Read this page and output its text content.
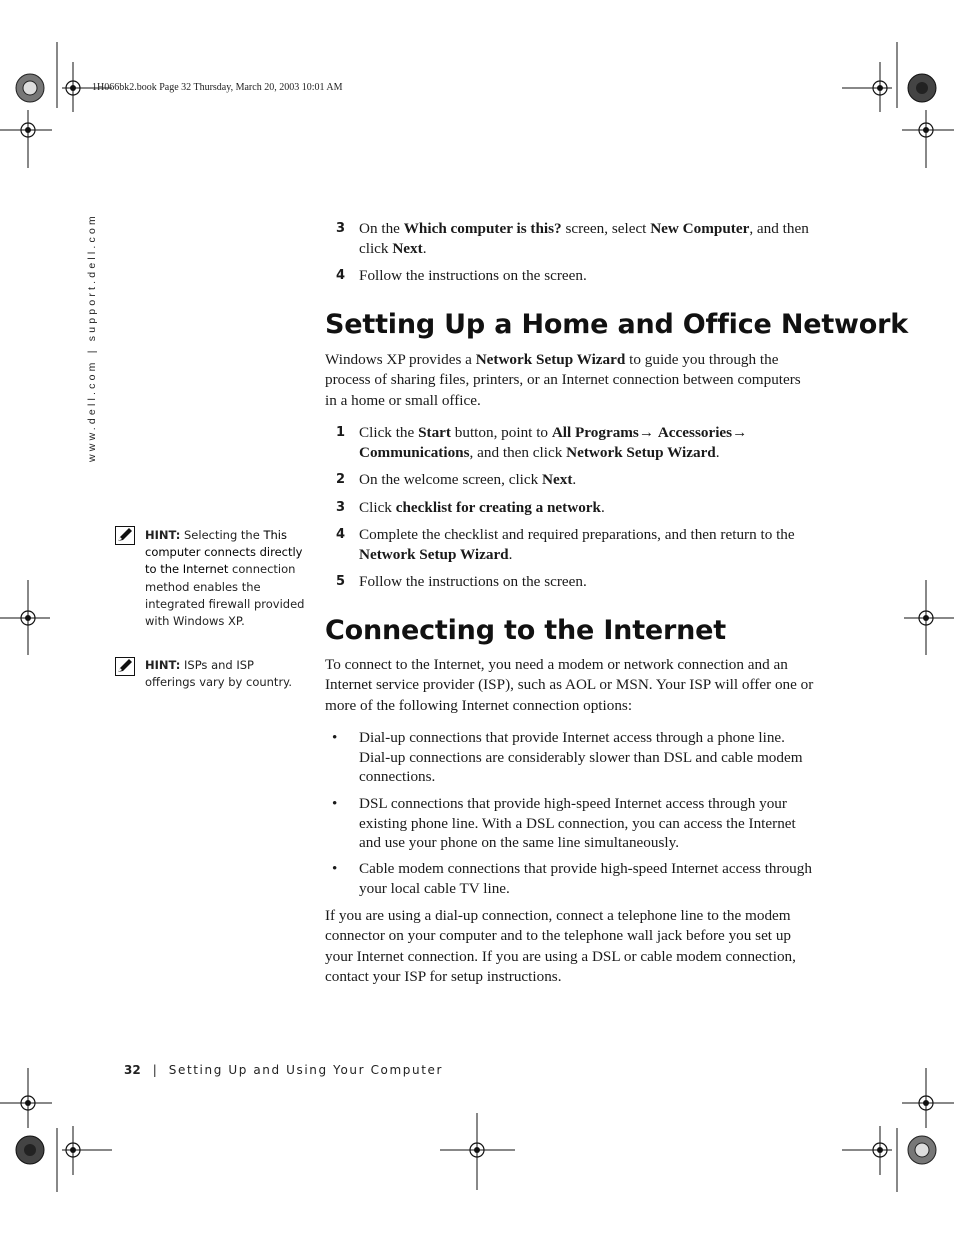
1H066bk2.book Page 32 Thursday, March 20, 2003 10:01 AM
www.dell.com | support.dell.com	3 On the Which computer is this? screen, select New Computer, and then click Next.
4 Follow the instructions on the screen.
Setting Up a Home and Office Network
Windows XP provides a Network Setup Wizard to guide you through the process of sharing files, printers, or an Internet connection between computers in a home or small office.
1 Click the Start button, point to All Programs→ Accessories→ Communications, and then click Network Setup Wizard.
2 On the welcome screen, click Next.
3 Click checklist for creating a network.
4 Complete the checklist and required preparations, and then return to the Network Setup Wizard.
5 Follow the instructions on the screen.
Connecting to the Internet
To connect to the Internet, you need a modem or network connection and an Internet service provider (ISP), such as AOL or MSN. Your ISP will offer one or more of the following Internet connection options:
• Dial-up connections that provide Internet access through a phone line. Dial-up connections are considerably slower than DSL and cable modem connections.
• DSL connections that provide high-speed Internet access through your existing phone line. With a DSL connection, you can access the Internet and use your phone on the same line simultaneously.
• Cable modem connections that provide high-speed Internet access through your local cable TV line.
If you are using a dial-up connection, connect a telephone line to the modem connector on your computer and to the telephone wall jack before you set up your Internet connection. If you are using a DSL or cable modem connection, contact your ISP for setup instructions.
HINT: Selecting the This computer connects directly to the Internet connection method enables the integrated firewall provided with Windows XP.
HINT: ISPs and ISP offerings vary by country.
32 | Setting Up and Using Your Computer
